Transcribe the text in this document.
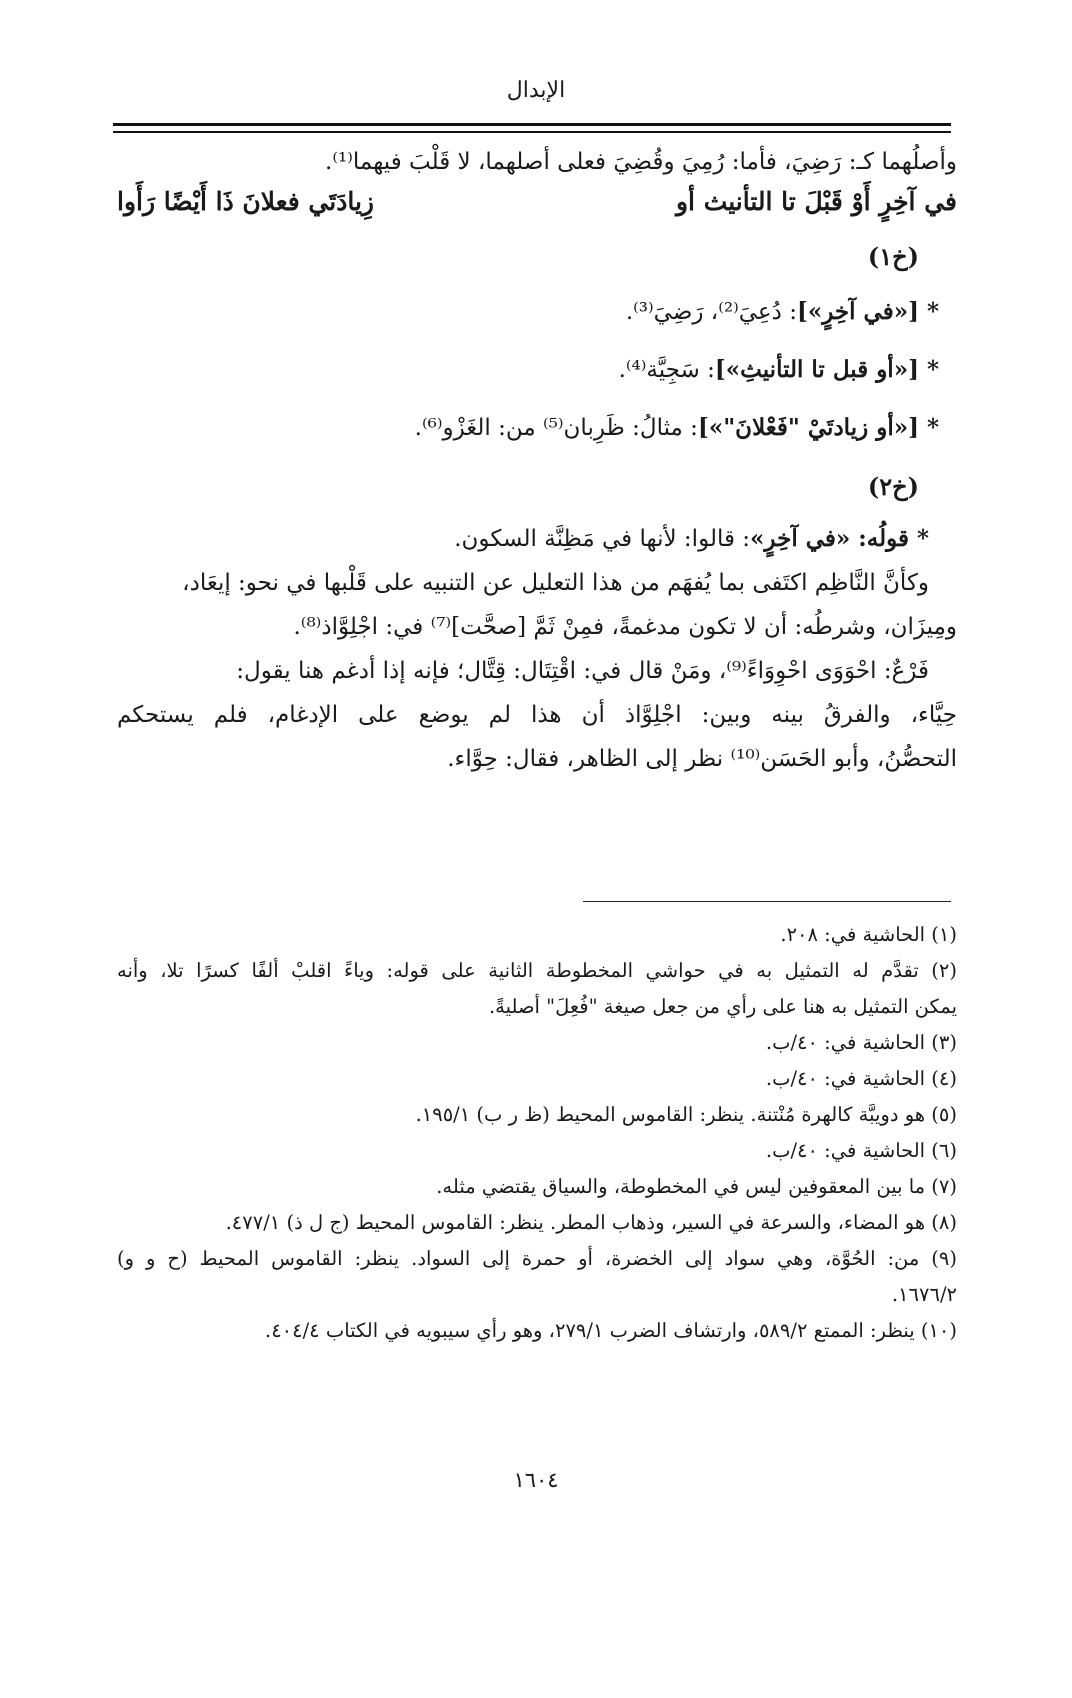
الإبدال
وأصلُهما كـ: رَضِيَ، فأما: رُمِيَ وقُضِيَ فعلى أصلهما، لا قَلْبَ فيهما⁽¹⁾.
في آخِرٍ أَوْ قَبْلَ تا التأنيث أو
زِيادَتَي فعلانَ ذَا أَيْضًا رَأَوا
(خ١)
* [«في آخِرٍ»]: دُعِيَ⁽²⁾، رَضِيَ⁽³⁾.
* [«أو قبل تا التأنيثِ»]: سَجِيَّة⁽⁴⁾.
* [«أو زيادتَيْ "فَعْلانَ"»]: مثالُ: ظَرِبان⁽⁵⁾ من: الغَزْو⁽⁶⁾.
(خ٢)
* قولُه: «في آخِرٍ»: قالوا: لأنها في مَظِنَّة السكون.
وكأنَّ النَّاظِم اكتَفى بما يُفهَم من هذا التعليل عن التنبيه على قَلْبها في نحو: إيعَاد،
ومِيزَان، وشرطُه: أن لا تكون مدغمةً، فمِنْ ثَمَّ [صحَّت]⁽⁷⁾ في: اجْلِوَّاذ⁽⁸⁾.
فَرْعٌ: احْوَوَى احْوِوَاءً⁽⁹⁾، ومَنْ قال في: اقْتِتَال: قِتَّال؛ فإنه إذا أدغم هنا يقول:
حِيَّاء، والفرقُ بينه وبين: اجْلِوَّاذ أن هذا لم يوضع على الإدغام، فلم يستحكم
التحصُّنُ، وأبو الحَسَن⁽¹⁰⁾ نظر إلى الظاهر، فقال: حِوَّاء.
(١) الحاشية في: ٢٠٨.
(٢) تقدَّم له التمثيل به في حواشي المخطوطة الثانية على قوله: وياءً اقلبْ ألفًا كسرًا تلا، وأنه
يمكن التمثيل به هنا على رأي من جعل صيغة "فُعِلَ" أصليةً.
(٣) الحاشية في: ٤٠/ب.
(٤) الحاشية في: ٤٠/ب.
(٥) هو دويبَّة كالهرة مُنْتنة. ينظر: القاموس المحيط (ظ ر ب) ١٩٥/١.
(٦) الحاشية في: ٤٠/ب.
(٧) ما بين المعقوفين ليس في المخطوطة، والسياق يقتضي مثله.
(٨) هو المضاء، والسرعة في السير، وذهاب المطر. ينظر: القاموس المحيط (ج ل ذ) ٤٧٧/١.
(٩) من: الحُوَّة، وهي سواد إلى الخضرة، أو حمرة إلى السواد. ينظر: القاموس المحيط (ح و و)
١٦٧٦/٢.
(١٠) ينظر: الممتع ٥٨٩/٢، وارتشاف الضرب ٢٧٩/١، وهو رأي سيبويه في الكتاب ٤٠٤/٤.
١٦٠٤
